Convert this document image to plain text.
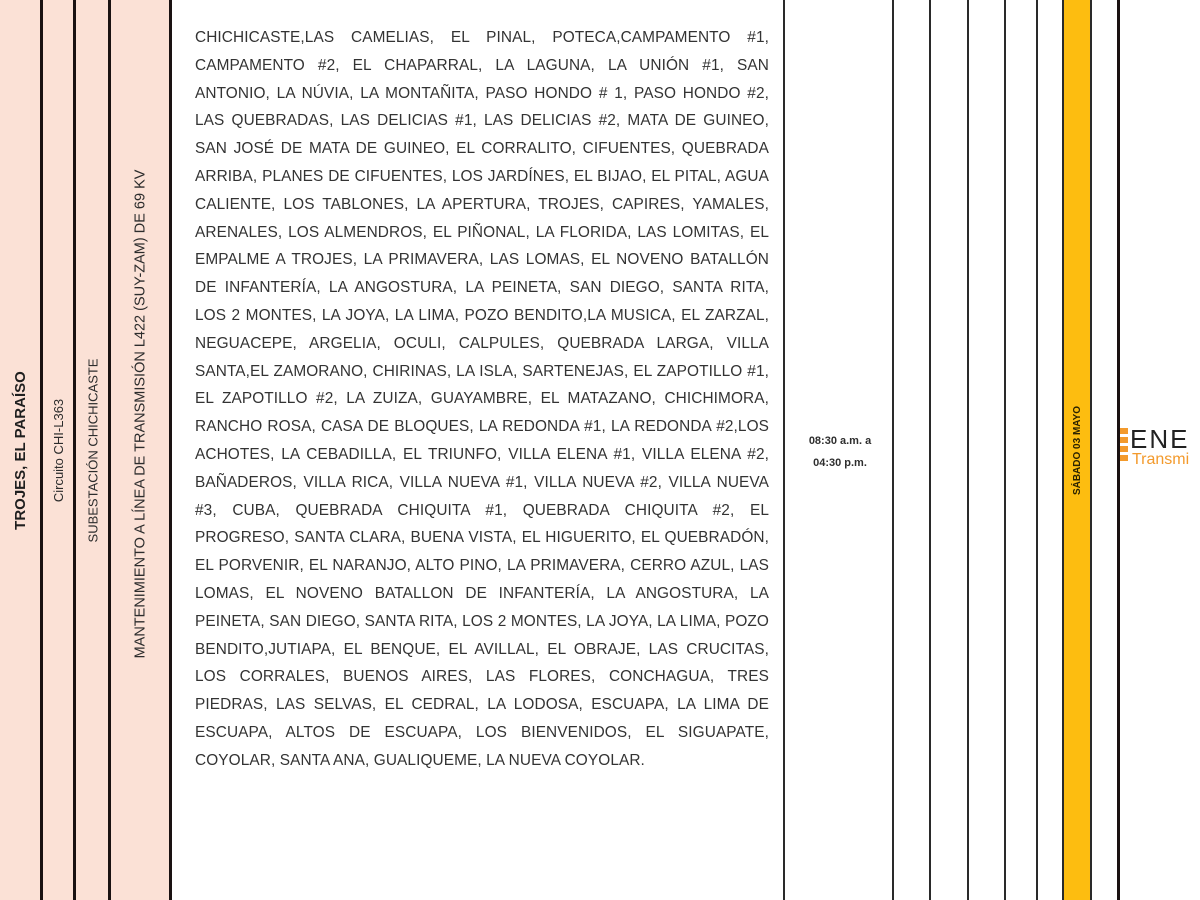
TROJES, EL PARAÍSO Circuito CHI-L363 SUBESTACIÓN CHICHICASTE MANTENIMIENTO A LÍNEA DE TRANSMISIÓN L422 (SUY-ZAM) DE 69 KV
CHICHICASTE,LAS CAMELIAS, EL PINAL, POTECA,CAMPAMENTO #1, CAMPAMENTO #2, EL CHAPARRAL, LA LAGUNA, LA UNIÓN #1, SAN ANTONIO, LA NÚVIA, LA MONTAÑITA, PASO HONDO # 1, PASO HONDO #2, LAS QUEBRADAS, LAS DELICIAS #1, LAS DELICIAS #2, MATA DE GUINEO, SAN JOSÉ DE MATA DE GUINEO, EL CORRALITO, CIFUENTES, QUEBRADA ARRIBA, PLANES DE CIFUENTES, LOS JARDÍNES, EL BIJAO, EL PITAL, AGUA CALIENTE, LOS TABLONES, LA APERTURA, TROJES, CAPIRES, YAMALES, ARENALES, LOS ALMENDROS, EL PIÑONAL, LA FLORIDA, LAS LOMITAS, EL EMPALME A TROJES, LA PRIMAVERA, LAS LOMAS, EL NOVENO BATALLÓN DE INFANTERÍA, LA ANGOSTURA, LA PEINETA, SAN DIEGO, SANTA RITA, LOS 2 MONTES, LA JOYA, LA LIMA, POZO BENDITO,LA MUSICA, EL ZARZAL, NEGUACEPE, ARGELIA, OCULI, CALPULES, QUEBRADA LARGA, VILLA SANTA,EL ZAMORANO, CHIRINAS, LA ISLA, SARTENEJAS, EL ZAPOTILLO #1, EL ZAPOTILLO #2, LA ZUIZA, GUAYAMBRE, EL MATAZANO, CHICHIMORA, RANCHO ROSA, CASA DE BLOQUES, LA REDONDA #1, LA REDONDA #2,LOS ACHOTES, LA CEBADILLA, EL TRIUNFO, VILLA ELENA #1, VILLA ELENA #2, BAÑADEROS, VILLA RICA, VILLA NUEVA #1, VILLA NUEVA #2, VILLA NUEVA #3, CUBA, QUEBRADA CHIQUITA #1, QUEBRADA CHIQUITA #2, EL PROGRESO, SANTA CLARA, BUENA VISTA, EL HIGUERITO, EL QUEBRADÓN, EL PORVENIR, EL NARANJO, ALTO PINO, LA PRIMAVERA, CERRO AZUL, LAS LOMAS, EL NOVENO BATALLON DE INFANTERÍA, LA ANGOSTURA, LA PEINETA, SAN DIEGO, SANTA RITA, LOS 2 MONTES, LA JOYA, LA LIMA, POZO BENDITO,JUTIAPA, EL BENQUE, EL AVILLAL, EL OBRAJE, LAS CRUCITAS, LOS CORRALES, BUENOS AIRES, LAS FLORES, CONCHAGUA, TRES PIEDRAS, LAS SELVAS, EL CEDRAL, LA LODOSA, ESCUAPA, LA LIMA DE ESCUAPA, ALTOS DE ESCUAPA, LOS BIENVENIDOS, EL SIGUAPATE, COYOLAR, SANTA ANA, GUALIQUEME, LA NUEVA COYOLAR.
08:30 a.m. a
04:30 p.m.	SÁBADO 03 MAYO ENE
Transmi
